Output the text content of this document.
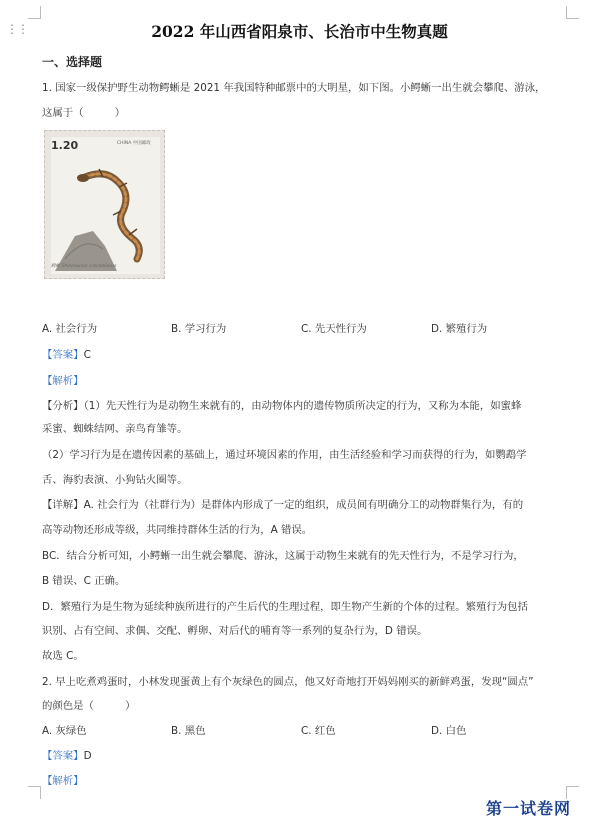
⋮⋮	2022 年山西省阳泉市、长治市中生物真题
一、选择题
1. 国家一级保护野生动物鳄蜥是 2021 年我国特种邮票中的大明星，如下图。小鳄蜥一出生就会攀爬、游泳，
这属于（　　　）
1.20	CHINA 中国邮政
鳄蜥 Shinisaurus crocodilurus
A. 社会行为	B. 学习行为	C. 先天性行为	D. 繁殖行为
【答案】C
【解析】
【分析】（1）先天性行为是动物生来就有的，由动物体内的遗传物质所决定的行为，又称为本能，如蜜蜂
采蜜、蜘蛛结网、亲鸟育雏等。
（2）学习行为是在遗传因素的基础上，通过环境因素的作用，由生活经验和学习而获得的行为，如鹦鹉学
舌、海豹表演、小狗钻火圈等。
【详解】A. 社会行为（社群行为）是群体内形成了一定的组织，成员间有明确分工的动物群集行为，有的
高等动物还形成等级，共同维持群体生活的行为，A 错误。
BC．结合分析可知，小鳄蜥一出生就会攀爬、游泳，这属于动物生来就有的先天性行为，不是学习行为，
B 错误、C 正确。
D．繁殖行为是生物为延续种族所进行的产生后代的生理过程，即生物产生新的个体的过程。繁殖行为包括
识别、占有空间、求偶、交配、孵卵、对后代的哺育等一系列的复杂行为，D 错误。
故选 C。
2. 早上吃煮鸡蛋时，小林发现蛋黄上有个灰绿色的圆点，他又好奇地打开妈妈刚买的新鲜鸡蛋，发现“圆点”
的颜色是（　　　）
A. 灰绿色	B. 黑色	C. 红色	D. 白色
【答案】D
【解析】
第一试卷网
